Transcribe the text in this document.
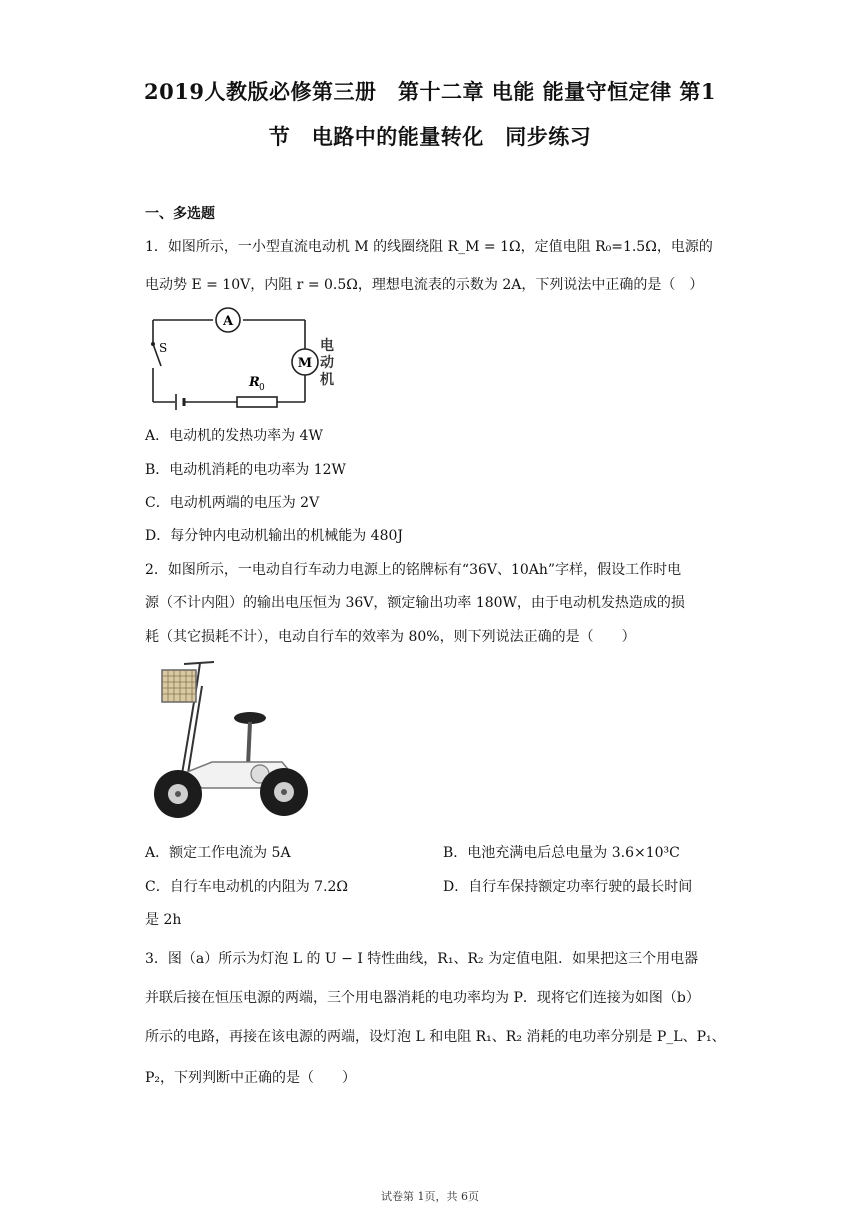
2019人教版必修第三册　第十二章 电能 能量守恒定律 第1
节　电路中的能量转化　同步练习
一、多选题
1．如图所示，一小型直流电动机 M 的线圈绕阻 R_M = 1Ω，定值电阻 R₀=1.5Ω，电源的
电动势 E = 10V，内阻 r = 0.5Ω，理想电流表的示数为 2A，下列说法中正确的是（　）
A
M
S
R 0
电
动
机
A．电动机的发热功率为 4W
B．电动机消耗的电功率为 12W
C．电动机两端的电压为 2V
D．每分钟内电动机输出的机械能为 480J
2．如图所示，一电动自行车动力电源上的铭牌标有“36V、10Ah”字样，假设工作时电
源（不计内阻）的输出电压恒为 36V，额定输出功率 180W，由于电动机发热造成的损
耗（其它损耗不计），电动自行车的效率为 80%，则下列说法正确的是（　　）
A．额定工作电流为 5A	B．电池充满电后总电量为 3.6×10³C
C．自行车电动机的内阻为 7.2Ω	D．自行车保持额定功率行驶的最长时间
是 2h
3．图（a）所示为灯泡 L 的 U − I 特性曲线，R₁、R₂ 为定值电阻．如果把这三个用电器
并联后接在恒压电源的两端，三个用电器消耗的电功率均为 P．现将它们连接为如图（b）
所示的电路，再接在该电源的两端，设灯泡 L 和电阻 R₁、R₂ 消耗的电功率分别是 P_L、P₁、
P₂，下列判断中正确的是（　　）
试卷第 1页，共 6页
